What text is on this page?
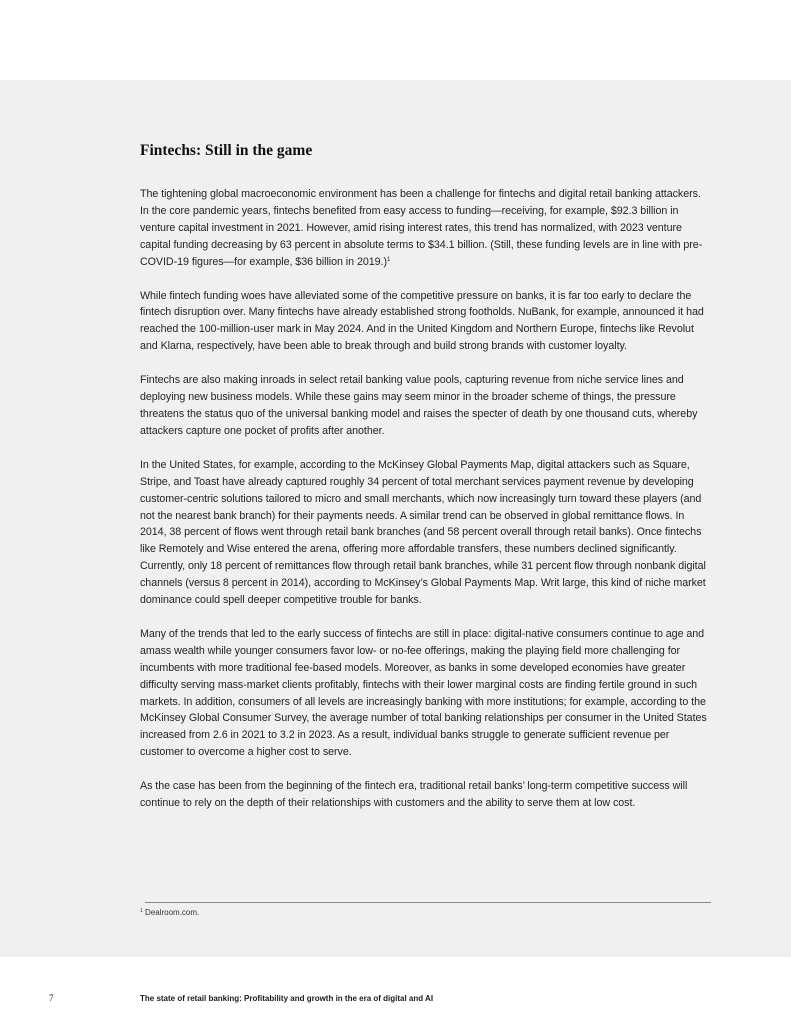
Fintechs: Still in the game

The tightening global macroeconomic environment has been a challenge for fintechs and digital retail banking attackers. In the core pandemic years, fintechs benefited from easy access to funding—receiving, for example, $92.3 billion in venture capital investment in 2021. However, amid rising interest rates, this trend has normalized, with 2023 venture capital funding decreasing by 63 percent in absolute terms to $34.1 billion. (Still, these funding levels are in line with pre-COVID-19 figures—for example, $36 billion in 2019.)$^1$

While fintech funding woes have alleviated some of the competitive pressure on banks, it is far too early to declare the fintech disruption over. Many fintechs have already established strong footholds. NuBank, for example, announced it had reached the 100-million-user mark in May 2024. And in the United Kingdom and Northern Europe, fintechs like Revolut and Klarna, respectively, have been able to break through and build strong brands with customer loyalty.

Fintechs are also making inroads in select retail banking value pools, capturing revenue from niche service lines and deploying new business models. While these gains may seem minor in the broader scheme of things, the pressure threatens the status quo of the universal banking model and raises the specter of death by one thousand cuts, whereby attackers capture one pocket of profits after another.

In the United States, for example, according to the McKinsey Global Payments Map, digital attackers such as Square, Stripe, and Toast have already captured roughly 34 percent of total merchant services payment revenue by developing customer-centric solutions tailored to micro and small merchants, which now increasingly turn toward these players (and not the nearest bank branch) for their payments needs. A similar trend can be observed in global remittance flows. In 2014, 38 percent of flows went through retail bank branches (and 58 percent overall through retail banks). Once fintechs like Remotely and Wise entered the arena, offering more affordable transfers, these numbers declined significantly. Currently, only 18 percent of remittances flow through retail bank branches, while 31 percent flow through nonbank digital channels (versus 8 percent in 2014), according to McKinsey’s Global Payments Map. Writ large, this kind of niche market dominance could spell deeper competitive trouble for banks.

Many of the trends that led to the early success of fintechs are still in place: digital-native consumers continue to age and amass wealth while younger consumers favor low- or no-fee offerings, making the playing field more challenging for incumbents with more traditional fee-based models. Moreover, as banks in some developed economies have greater difficulty serving mass-market clients profitably, fintechs with their lower marginal costs are finding fertile ground in such markets. In addition, consumers of all levels are increasingly banking with more institutions; for example, according to the McKinsey Global Consumer Survey, the average number of total banking relationships per consumer in the United States increased from 2.6 in 2021 to 3.2 in 2023. As a result, individual banks struggle to generate sufficient revenue per customer to overcome a higher cost to serve.

As the case has been from the beginning of the fintech era, traditional retail banks’ long-term competitive success will continue to rely on the depth of their relationships with customers and the ability to serve them at low cost.

$^1$ Dealroom.com.
7	The state of retail banking: Profitability and growth in the era of digital and AI
